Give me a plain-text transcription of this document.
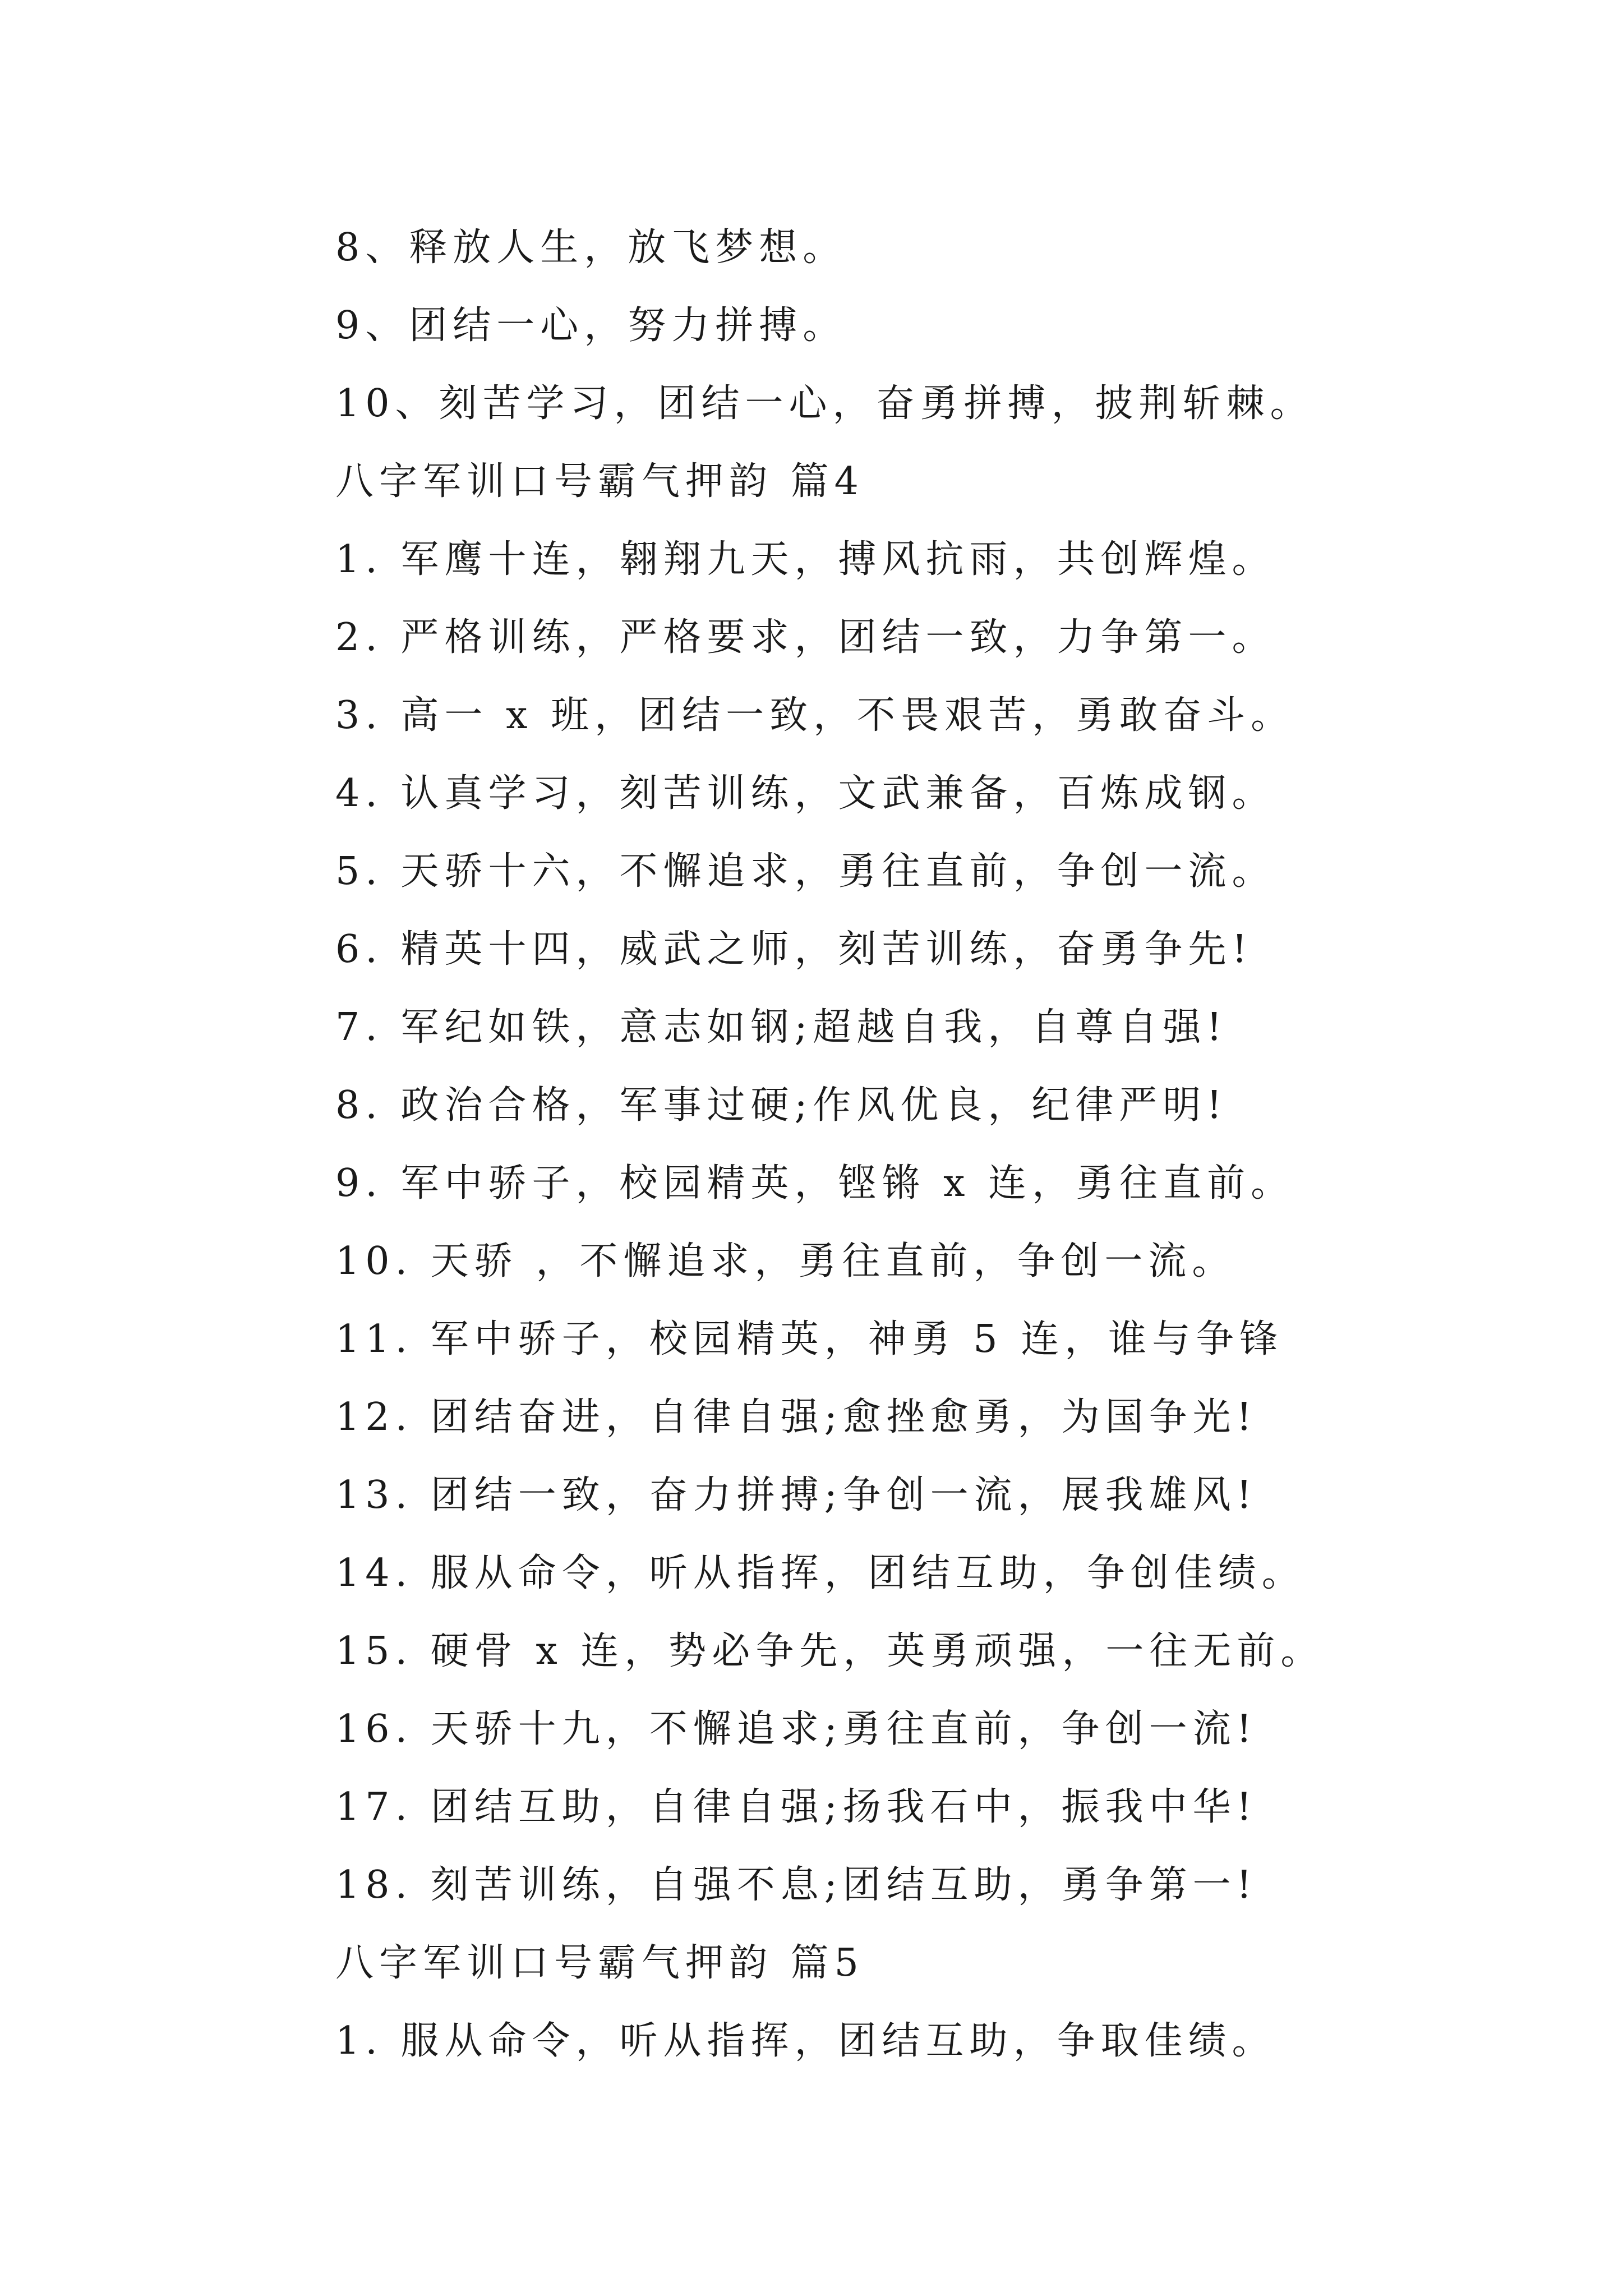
8、释放人生，放飞梦想。
9、团结一心，努力拼搏。
10、刻苦学习，团结一心，奋勇拼搏，披荆斩棘。
八字军训口号霸气押韵 篇4
1. 军鹰十连，翱翔九天，搏风抗雨，共创辉煌。
2. 严格训练，严格要求，团结一致，力争第一。
3. 高一 x 班，团结一致，不畏艰苦，勇敢奋斗。
4. 认真学习，刻苦训练，文武兼备，百炼成钢。
5. 天骄十六，不懈追求，勇往直前，争创一流。
6. 精英十四，威武之师，刻苦训练，奋勇争先!
7. 军纪如铁，意志如钢;超越自我，自尊自强!
8. 政治合格，军事过硬;作风优良，纪律严明!
9. 军中骄子，校园精英，铿锵 x 连，勇往直前。
10. 天骄 ，不懈追求，勇往直前，争创一流。
11. 军中骄子，校园精英，神勇 5 连，谁与争锋
12. 团结奋进，自律自强;愈挫愈勇，为国争光!
13. 团结一致，奋力拼搏;争创一流，展我雄风!
14. 服从命令，听从指挥，团结互助，争创佳绩。
15. 硬骨 x 连，势必争先，英勇顽强，一往无前。
16. 天骄十九，不懈追求;勇往直前，争创一流!
17. 团结互助，自律自强;扬我石中，振我中华!
18. 刻苦训练，自强不息;团结互助，勇争第一!
八字军训口号霸气押韵 篇5
1. 服从命令，听从指挥，团结互助，争取佳绩。
